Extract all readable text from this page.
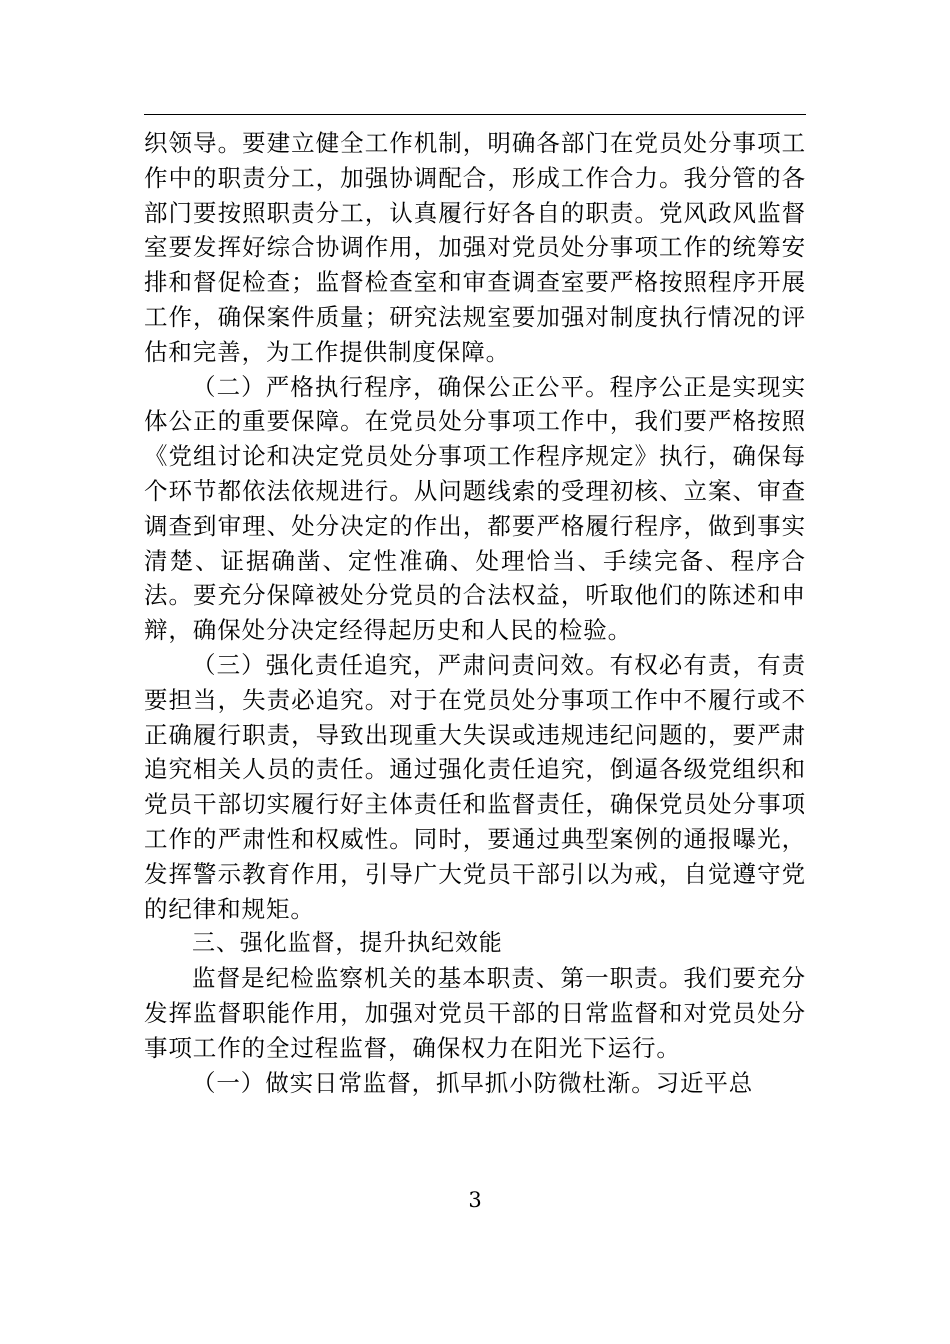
织领导。要建立健全工作机制，明确各部门在党员处分事项工作中的职责分工，加强协调配合，形成工作合力。我分管的各部门要按照职责分工，认真履行好各自的职责。党风政风监督室要发挥好综合协调作用，加强对党员处分事项工作的统筹安排和督促检查；监督检查室和审查调查室要严格按照程序开展工作，确保案件质量；研究法规室要加强对制度执行情况的评估和完善，为工作提供制度保障。

（二）严格执行程序，确保公正公平。程序公正是实现实体公正的重要保障。在党员处分事项工作中，我们要严格按照《党组讨论和决定党员处分事项工作程序规定》执行，确保每个环节都依法依规进行。从问题线索的受理初核、立案、审查调查到审理、处分决定的作出，都要严格履行程序，做到事实清楚、证据确凿、定性准确、处理恰当、手续完备、程序合法。要充分保障被处分党员的合法权益，听取他们的陈述和申辩，确保处分决定经得起历史和人民的检验。

（三）强化责任追究，严肃问责问效。有权必有责，有责要担当，失责必追究。对于在党员处分事项工作中不履行或不正确履行职责，导致出现重大失误或违规违纪问题的，要严肃追究相关人员的责任。通过强化责任追究，倒逼各级党组织和党员干部切实履行好主体责任和监督责任，确保党员处分事项工作的严肃性和权威性。同时，要通过典型案例的通报曝光，发挥警示教育作用，引导广大党员干部引以为戒，自觉遵守党的纪律和规矩。

三、强化监督，提升执纪效能

监督是纪检监察机关的基本职责、第一职责。我们要充分发挥监督职能作用，加强对党员干部的日常监督和对党员处分事项工作的全过程监督，确保权力在阳光下运行。

（一）做实日常监督，抓早抓小防微杜渐。习近平总

3
